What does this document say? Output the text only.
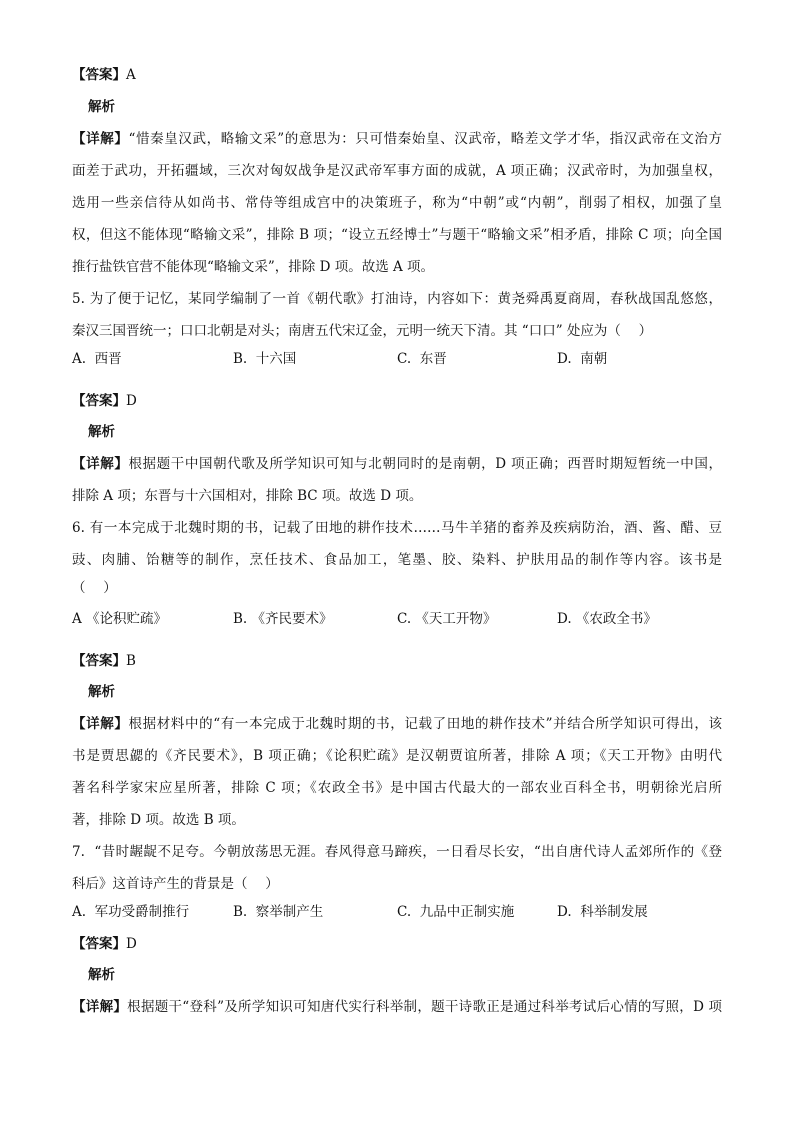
【答案】A
解析
【详解】“惜秦皇汉武，略输文采”的意思为：只可惜秦始皇、汉武帝，略差文学才华，指汉武帝在文治方
面差于武功，开拓疆域，三次对匈奴战争是汉武帝军事方面的成就，A 项正确；汉武帝时，为加强皇权，
选用一些亲信待从如尚书、常侍等组成宫中的决策班子，称为“中朝”或“内朝”，削弱了相权，加强了皇
权，但这不能体现“略输文采”，排除 B 项；“设立五经博士”与题干“略输文采”相矛盾，排除 C 项；向全国
推行盐铁官营不能体现“略输文采”，排除 D 项。故选 A 项。
5. 为了便于记忆，某同学编制了一首《朝代歌》打油诗，内容如下：黄尧舜禹夏商周，春秋战国乱悠悠，
秦汉三国晋统一；口口北朝是对头；南唐五代宋辽金，元明一统天下清。其 “口口” 处应为（　 ）
A.  西晋	B.  十六国	C.  东晋	D.  南朝
【答案】D
解析
【详解】根据题干中国朝代歌及所学知识可知与北朝同时的是南朝，D 项正确；西晋时期短暂统一中国，
排除 A 项；东晋与十六国相对，排除 BC 项。故选 D 项。
6. 有一本完成于北魏时期的书，记载了田地的耕作技术……马牛羊猪的畜养及疾病防治，酒、酱、醋、豆
豉、肉脯、饴糖等的制作，烹任技术、食品加工，笔墨、胶、染料、护肤用品的制作等内容。该书是
（　 ）
A 《论积贮疏》	B. 《齐民要术》	C. 《天工开物》	D. 《农政全书》
【答案】B
解析
【详解】根据材料中的“有一本完成于北魏时期的书，记载了田地的耕作技术”并结合所学知识可得出，该
书是贾思勰的《齐民要术》，B 项正确；《论积贮疏》是汉朝贾谊所著，排除 A 项；《天工开物》由明代
著名科学家宋应星所著，排除 C 项；《农政全书》是中国古代最大的一部农业百科全书，明朝徐光启所
著，排除 D 项。故选 B 项。
7.  “昔时龌龊不足夸。今朝放荡思无涯。春风得意马蹄疾，一日看尽长安，“出自唐代诗人孟郊所作的《登
科后》这首诗产生的背景是（　 ）
A.  军功受爵制推行	B.  察举制产生	C.  九品中正制实施	D.  科举制发展
【答案】D
解析
【详解】根据题干“登科”及所学知识可知唐代实行科举制，题干诗歌正是通过科举考试后心情的写照，D 项
